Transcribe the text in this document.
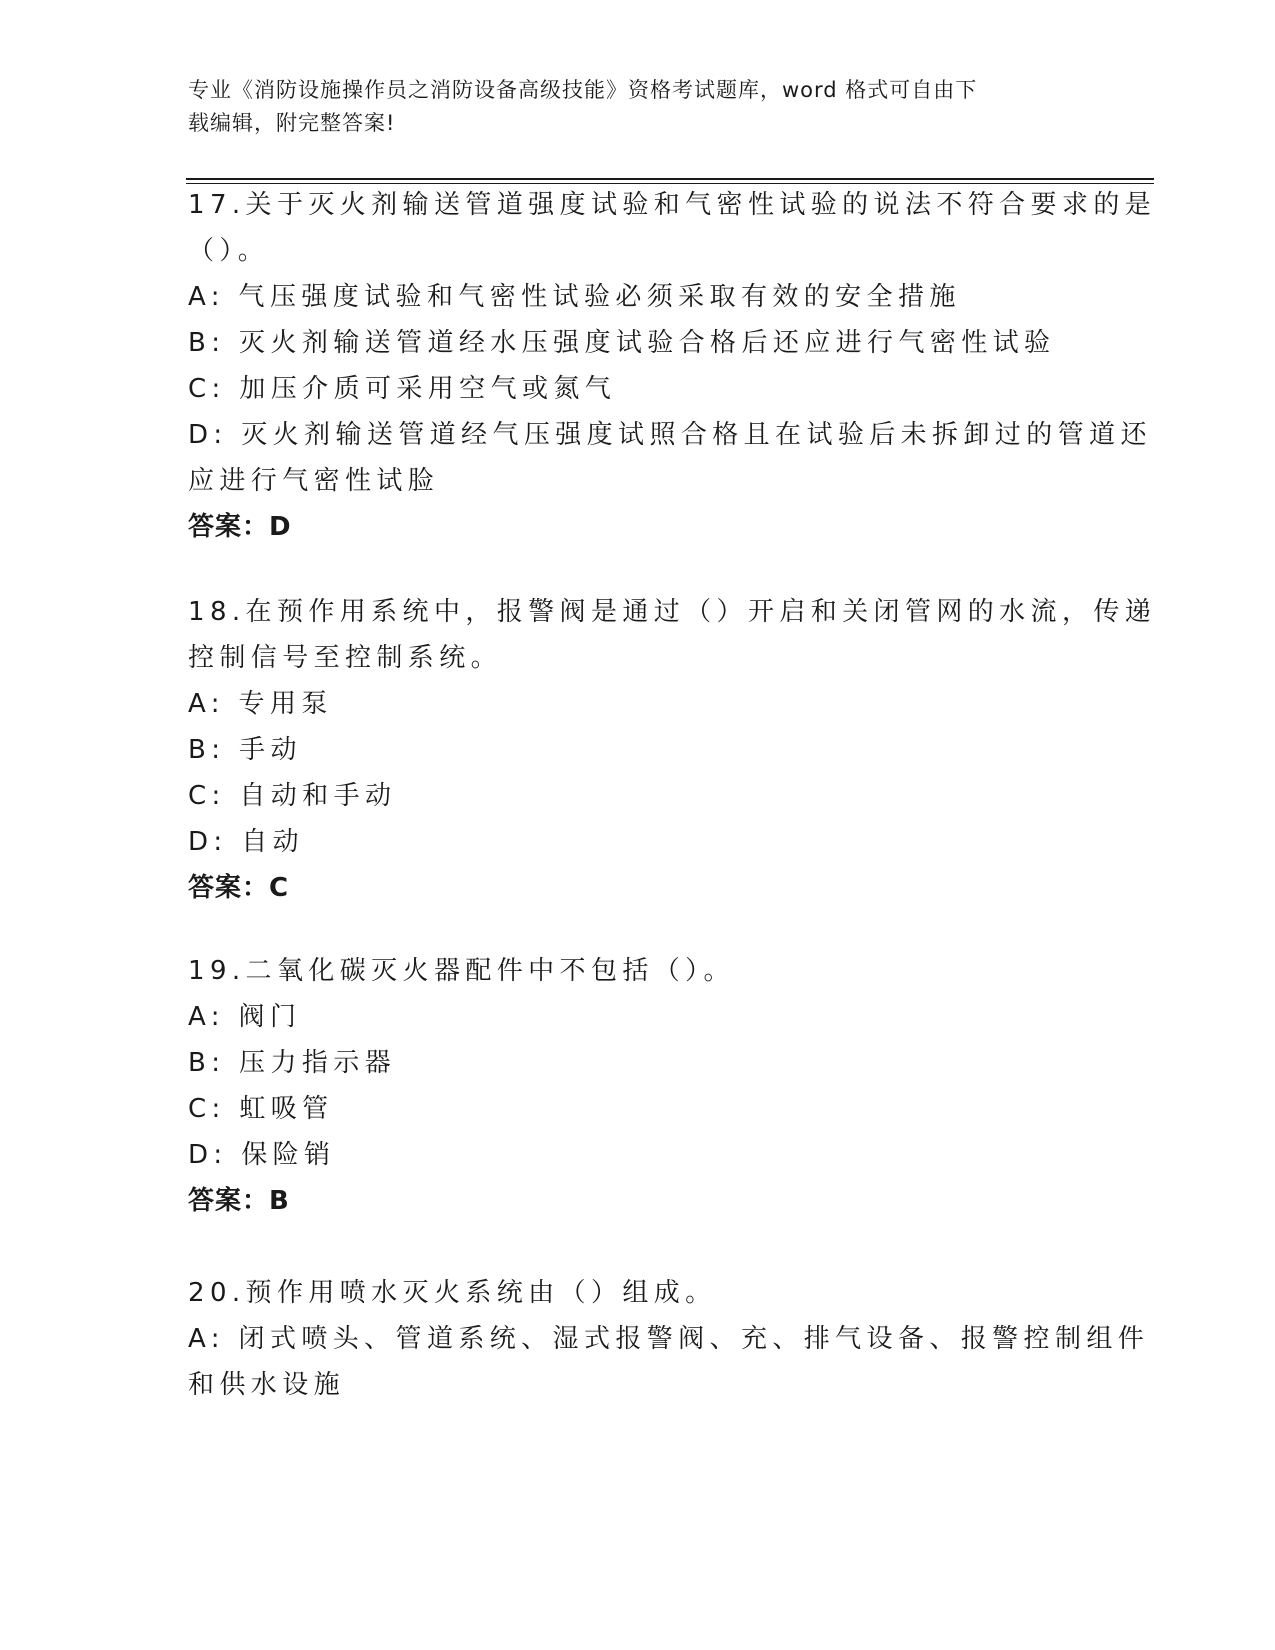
专业《消防设施操作员之消防设备高级技能》资格考试题库，word 格式可自由下
载编辑，附完整答案!
17.关于灭火剂输送管道强度试验和气密性试验的说法不符合要求的是
（）。
A: 气压强度试验和气密性试验必须采取有效的安全措施
B: 灭火剂输送管道经水压强度试验合格后还应进行气密性试验
C: 加压介质可采用空气或氮气
D: 灭火剂输送管道经气压强度试照合格且在试验后未拆卸过的管道还
应进行气密性试脸
答案：D
18.在预作用系统中，报警阀是通过（）开启和关闭管网的水流，传递
控制信号至控制系统。
A: 专用泵
B: 手动
C: 自动和手动
D: 自动
答案：C
19.二氧化碳灭火器配件中不包括（）。
A: 阀门
B: 压力指示器
C: 虹吸管
D: 保险销
答案：B
20.预作用喷水灭火系统由（）组成。
A: 闭式喷头、管道系统、湿式报警阀、充、排气设备、报警控制组件
和供水设施
